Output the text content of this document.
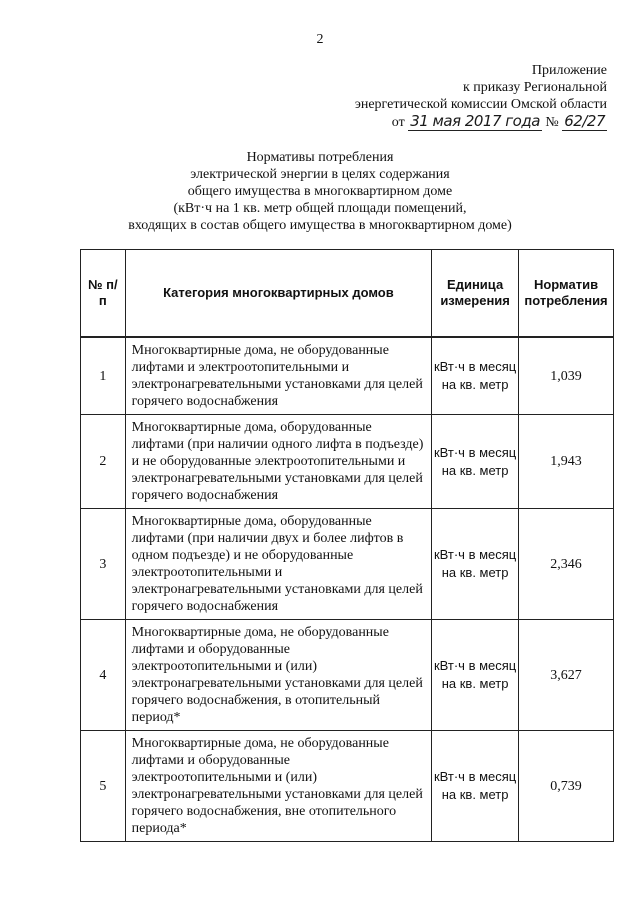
2
Приложение
к приказу Региональной
энергетической комиссии Омской области
от 31 мая 2017 года № 62/27
Нормативы потребления
электрической энергии в целях содержания
общего имущества в многоквартирном доме
(кВт·ч на 1 кв. метр общей площади помещений,
входящих в состав общего имущества в многоквартирном доме)
№ п/п	Категория многоквартирных домов	Единица измерения	Норматив потребления

1	Многоквартирные дома, не оборудованные лифтами и электроотопительными и электронагревательными установками для целей горячего водоснабжения	кВт·ч в месяц на кв. метр	1,039
2	Многоквартирные дома, оборудованные лифтами (при наличии одного лифта в подъезде) и не оборудованные электроотопительными и электронагревательными установками для целей горячего водоснабжения	кВт·ч в месяц на кв. метр	1,943
3	Многоквартирные дома, оборудованные лифтами (при наличии двух и более лифтов в одном подъезде) и не оборудованные электроотопительными и электронагревательными установками для целей горячего водоснабжения	кВт·ч в месяц на кв. метр	2,346
4	Многоквартирные дома, не оборудованные лифтами и оборудованные электроотопительными и (или) электронагревательными установками для целей горячего водоснабжения, в отопительный период*	кВт·ч в месяц на кв. метр	3,627
5	Многоквартирные дома, не оборудованные лифтами и оборудованные электроотопительными и (или) электронагревательными установками для целей горячего водоснабжения, вне отопительного периода*	кВт·ч в месяц на кв. метр	0,739
